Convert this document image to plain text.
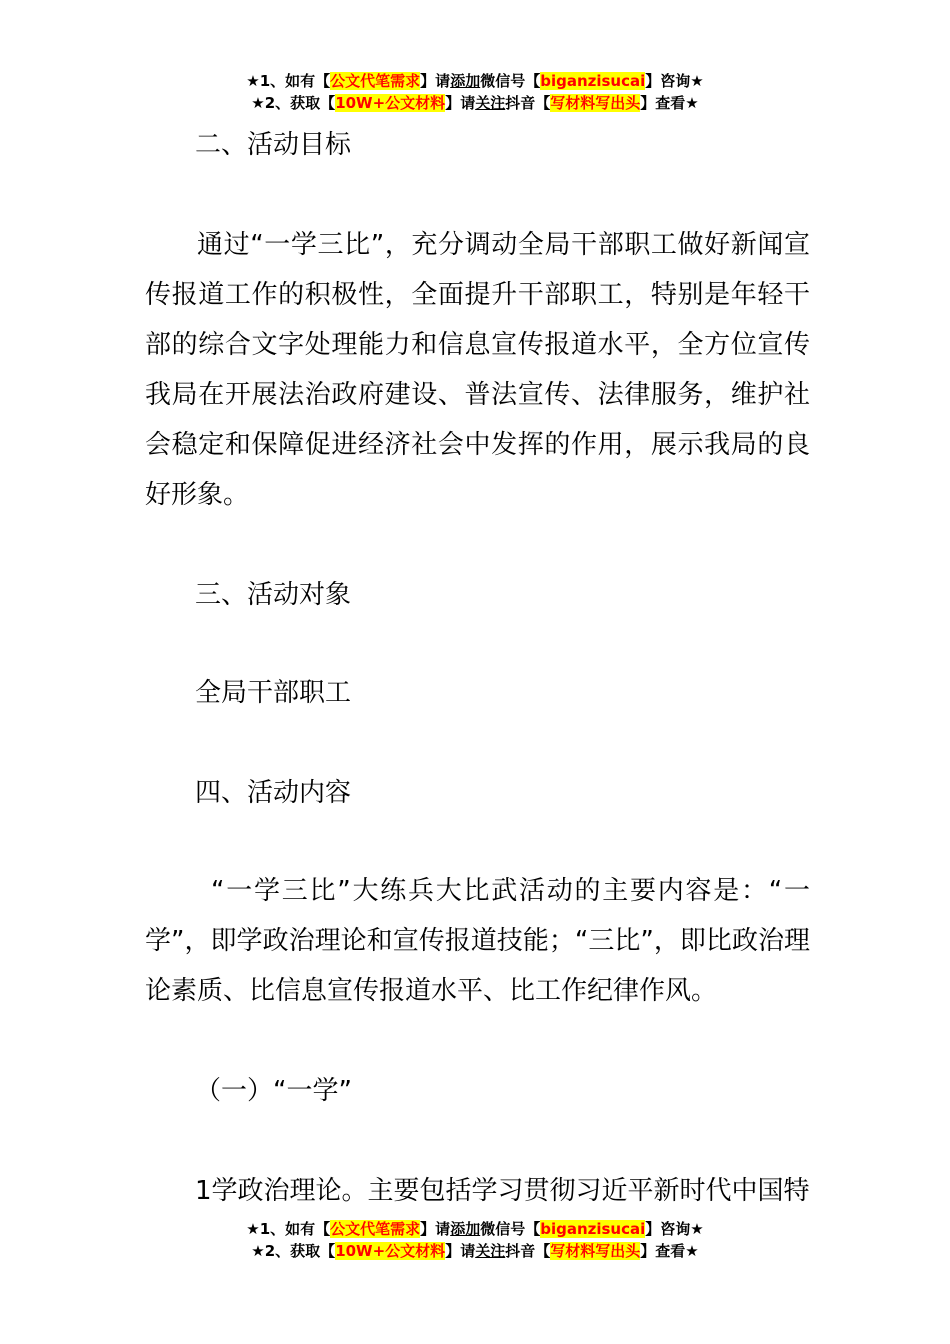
★1、如有【公文代笔需求】请添加微信号【biganzisucai】咨询★
★2、获取【10W+公文材料】请关注抖音【写材料写出头】查看★
二、活动目标
通过“一学三比”，充分调动全局干部职工做好新闻宣传报道工作的积极性，全面提升干部职工，特别是年轻干部的综合文字处理能力和信息宣传报道水平，全方位宣传我局在开展法治政府建设、普法宣传、法律服务，维护社会稳定和保障促进经济社会中发挥的作用，展示我局的良好形象。
三、活动对象
全局干部职工
四、活动内容
“一学三比”大练兵大比武活动的主要内容是：“一学”，即学政治理论和宣传报道技能；“三比”，即比政治理论素质、比信息宣传报道水平、比工作纪律作风。
（一）“一学”
1学政治理论。主要包括学习贯彻习近平新时代中国特
★1、如有【公文代笔需求】请添加微信号【biganzisucai】咨询★
★2、获取【10W+公文材料】请关注抖音【写材料写出头】查看★
